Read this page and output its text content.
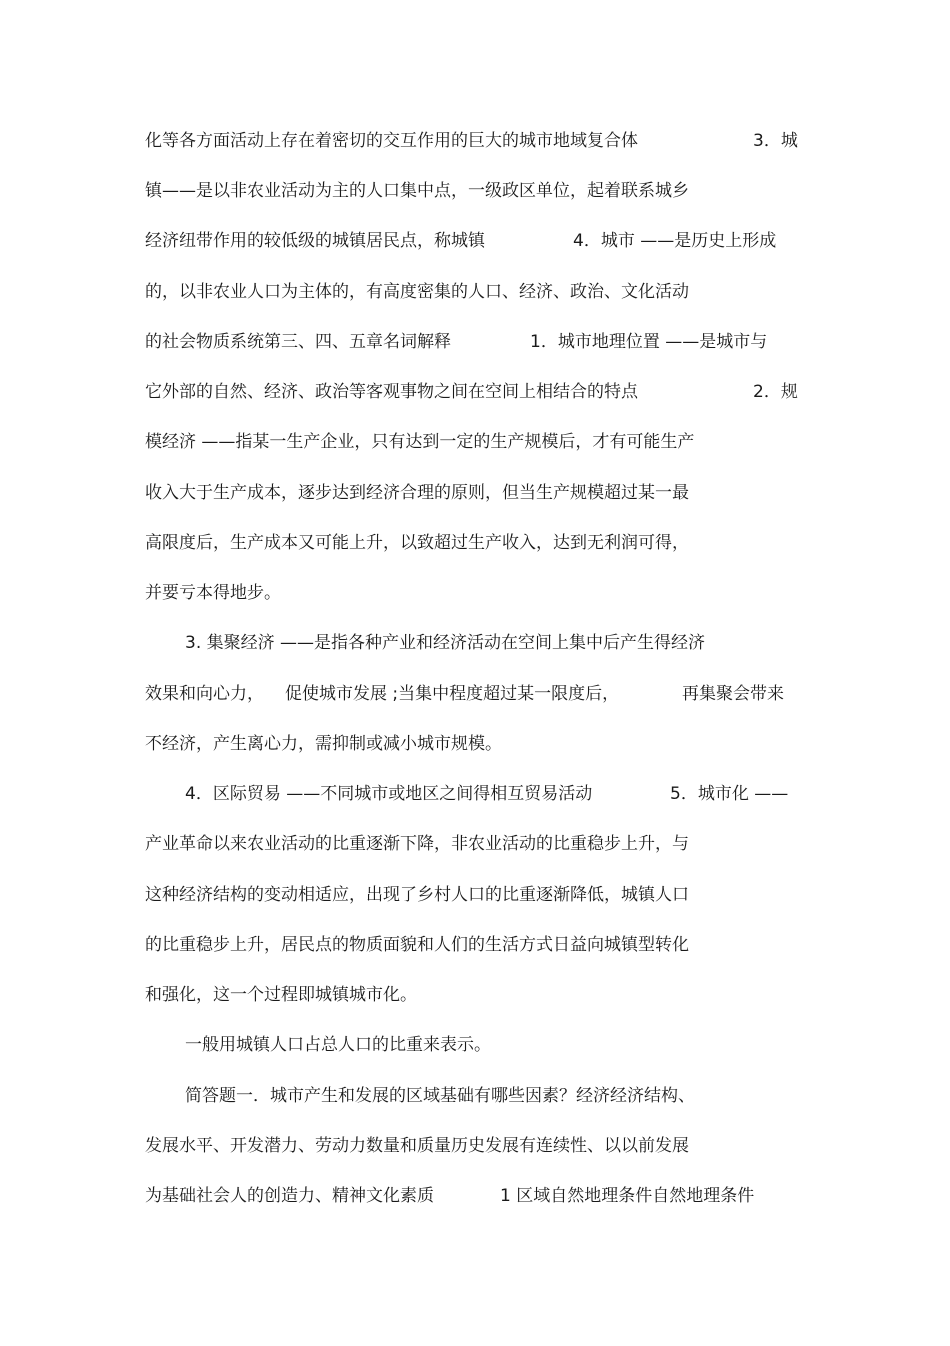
化等各方面活动上存在着密切的交互作用的巨大的城市地域复合体	3．城
镇——是以非农业活动为主的人口集中点，一级政区单位，起着联系城乡
经济纽带作用的较低级的城镇居民点，称城镇	4．城市 ——是历史上形成
的，以非农业人口为主体的，有高度密集的人口、经济、政治、文化活动
的社会物质系统第三、四、五章名词解释	1．城市地理位置 ——是城市与
它外部的自然、经济、政治等客观事物之间在空间上相结合的特点	2．规
模经济 ——指某一生产企业，只有达到一定的生产规模后，才有可能生产
收入大于生产成本，逐步达到经济合理的原则，但当生产规模超过某一最
高限度后，生产成本又可能上升，以致超过生产收入，达到无利润可得，
并要亏本得地步。
3. 集聚经济 ——是指各种产业和经济活动在空间上集中后产生得经济
效果和向心力， 促使城市发展 ;当集中程度超过某一限度后，	再集聚会带来
不经济，产生离心力，需抑制或减小城市规模。
4．区际贸易 ——不同城市或地区之间得相互贸易活动	5．城市化 ——
产业革命以来农业活动的比重逐渐下降，非农业活动的比重稳步上升，与
这种经济结构的变动相适应，出现了乡村人口的比重逐渐降低，城镇人口
的比重稳步上升，居民点的物质面貌和人们的生活方式日益向城镇型转化
和强化，这一个过程即城镇城市化。
一般用城镇人口占总人口的比重来表示。
简答题一．城市产生和发展的区域基础有哪些因素？经济经济结构、
发展水平、开发潜力、劳动力数量和质量历史发展有连续性、以以前发展
为基础社会人的创造力、精神文化素质	1 区域自然地理条件自然地理条件
